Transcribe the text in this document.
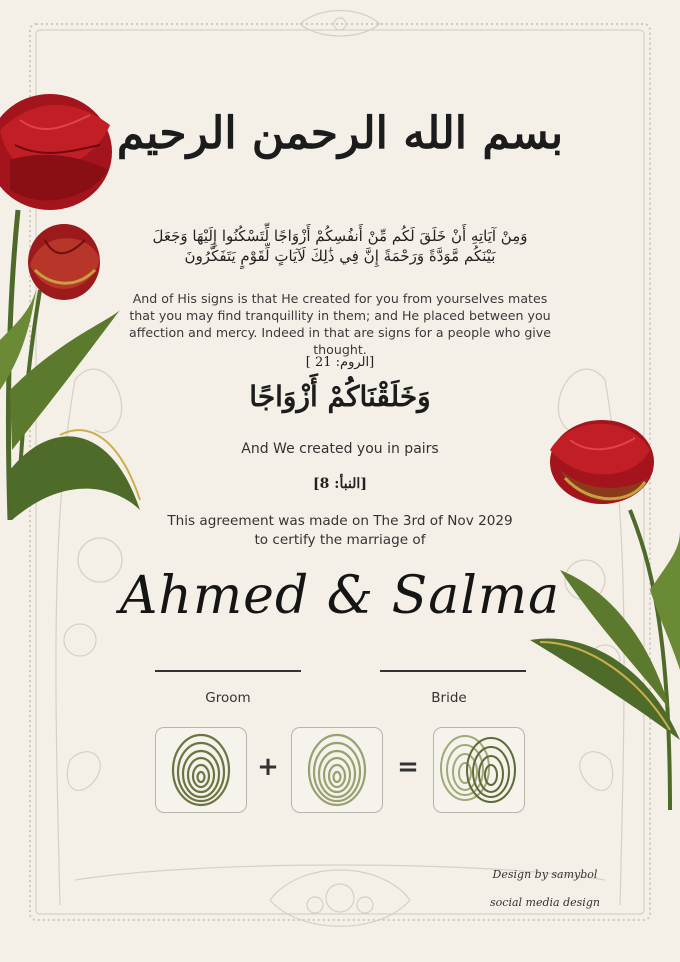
بسم الله الرحمن الرحيم
وَمِنْ آيَاتِهِ أَنْ خَلَقَ لَكُم مِّنْ أَنفُسِكُمْ أَزْوَاجًا لِّتَسْكُنُوا إِلَيْهَا وَجَعَلَ بَيْنَكُم مَّوَدَّةً وَرَحْمَةً إِنَّ فِي ذَٰلِكَ لَآيَاتٍ لِّقَوْمٍ يَتَفَكَّرُونَ
And of His signs is that He created for you from yourselves mates that you may find tranquillity in them; and He placed between you affection and mercy. Indeed in that are signs for a people who give thought.
[الروم: 21 ]
وَخَلَقْنَاكُمْ أَزْوَاجًا
And We created you in pairs
[النبأ: 8]
This agreement was made on The 3rd of Nov 2029
to certify the marriage of
Ahmed & Salma
Groom	Bride
+	=
Design by samybol
social media design
